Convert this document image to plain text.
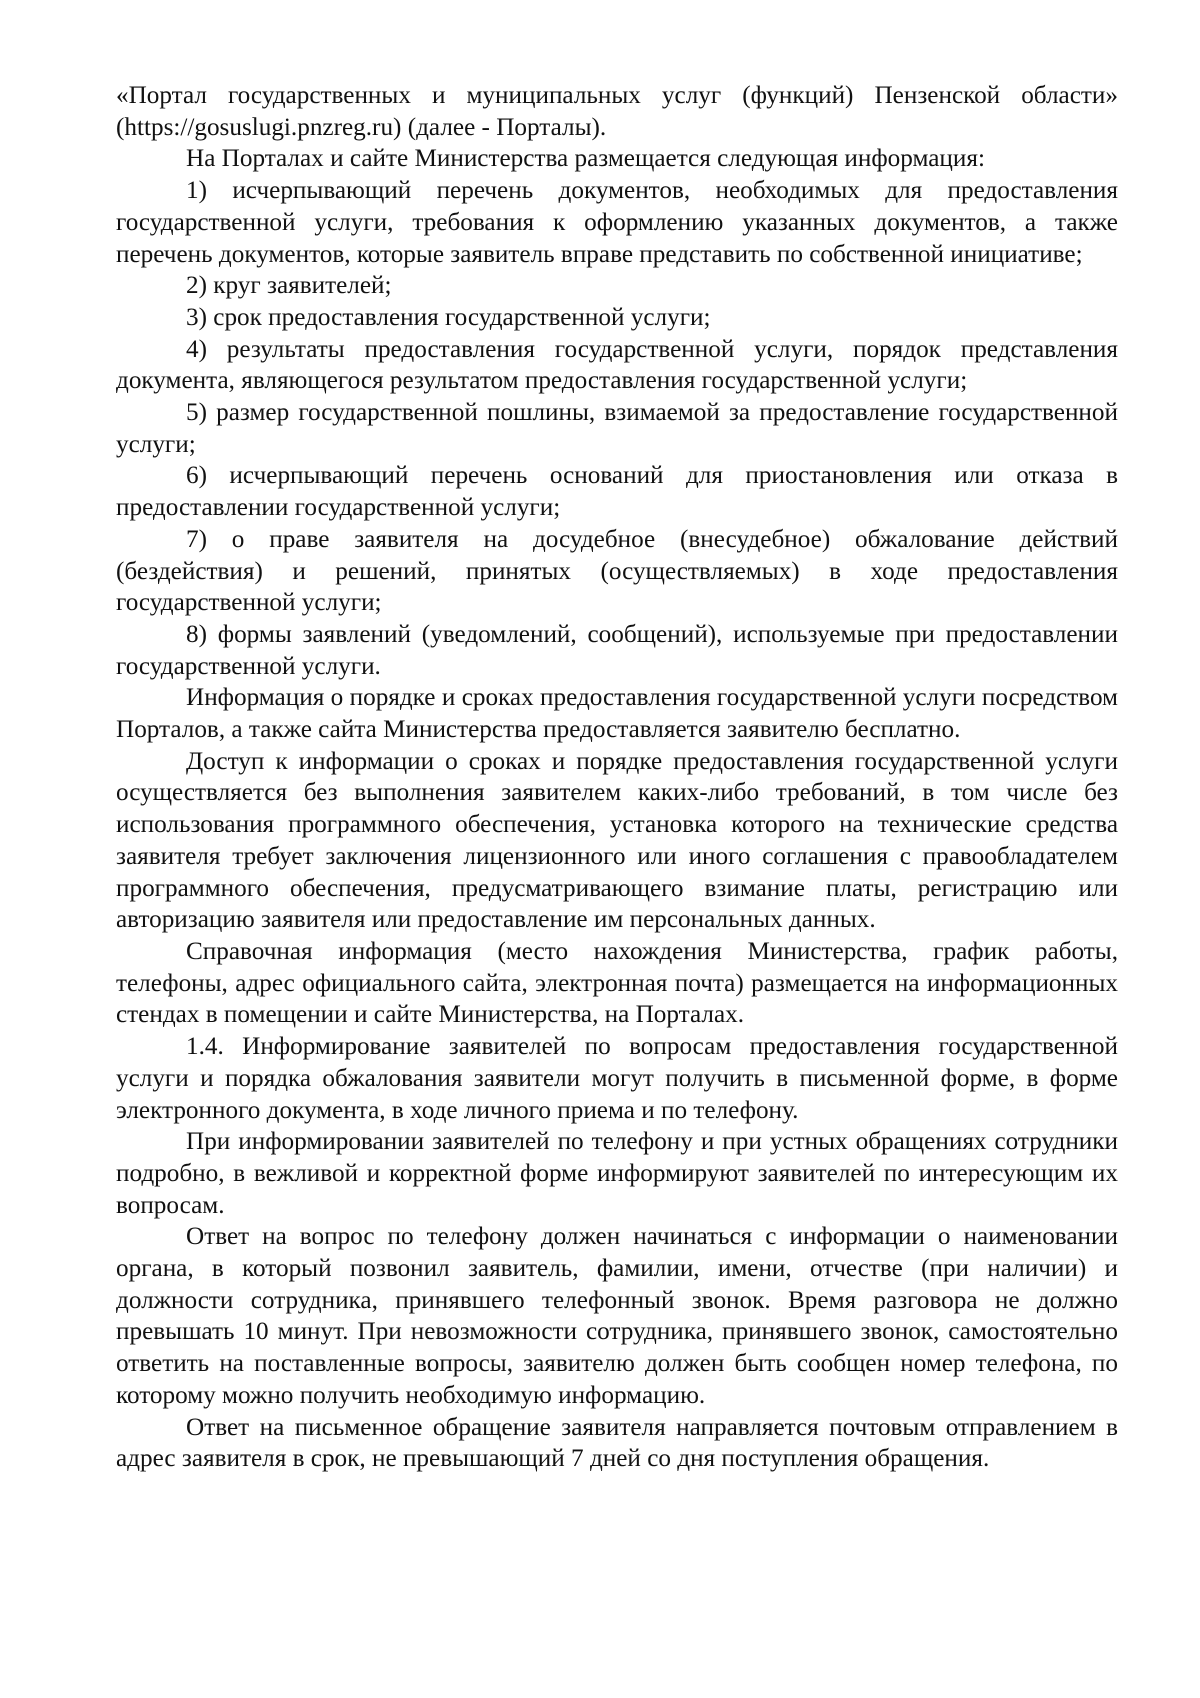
«Портал государственных и муниципальных услуг (функций) Пензенской области» (https://gosuslugi.pnzreg.ru) (далее - Порталы).

На Порталах и сайте Министерства размещается следующая информация:

1) исчерпывающий перечень документов, необходимых для предоставления государственной услуги, требования к оформлению указанных документов, а также перечень документов, которые заявитель вправе представить по собственной инициативе;

2) круг заявителей;

3) срок предоставления государственной услуги;

4) результаты предоставления государственной услуги, порядок представления документа, являющегося результатом предоставления государственной услуги;

5) размер государственной пошлины, взимаемой за предоставление государственной услуги;

6) исчерпывающий перечень оснований для приостановления или отказа в предоставлении государственной услуги;

7) о праве заявителя на досудебное (внесудебное) обжалование действий (бездействия) и решений, принятых (осуществляемых) в ходе предоставления государственной услуги;

8) формы заявлений (уведомлений, сообщений), используемые при предоставлении государственной услуги.

Информация о порядке и сроках предоставления государственной услуги посредством Порталов, а также сайта Министерства предоставляется заявителю бесплатно.

Доступ к информации о сроках и порядке предоставления государственной услуги осуществляется без выполнения заявителем каких-либо требований, в том числе без использования программного обеспечения, установка которого на технические средства заявителя требует заключения лицензионного или иного соглашения с правообладателем программного обеспечения, предусматривающего взимание платы, регистрацию или авторизацию заявителя или предоставление им персональных данных.

Справочная информация (место нахождения Министерства, график работы, телефоны, адрес официального сайта, электронная почта) размещается на информационных стендах в помещении и сайте Министерства, на Порталах.

1.4. Информирование заявителей по вопросам предоставления государственной услуги и порядка обжалования заявители могут получить в письменной форме, в форме электронного документа, в ходе личного приема и по телефону.

При информировании заявителей по телефону и при устных обращениях сотрудники подробно, в вежливой и корректной форме информируют заявителей по интересующим их вопросам.

Ответ на вопрос по телефону должен начинаться с информации о наименовании органа, в который позвонил заявитель, фамилии, имени, отчестве (при наличии) и должности сотрудника, принявшего телефонный звонок. Время разговора не должно превышать 10 минут. При невозможности сотрудника, принявшего звонок, самостоятельно ответить на поставленные вопросы, заявителю должен быть сообщен номер телефона, по которому можно получить необходимую информацию.

Ответ на письменное обращение заявителя направляется почтовым отправлением в адрес заявителя в срок, не превышающий 7 дней со дня поступления обращения.
